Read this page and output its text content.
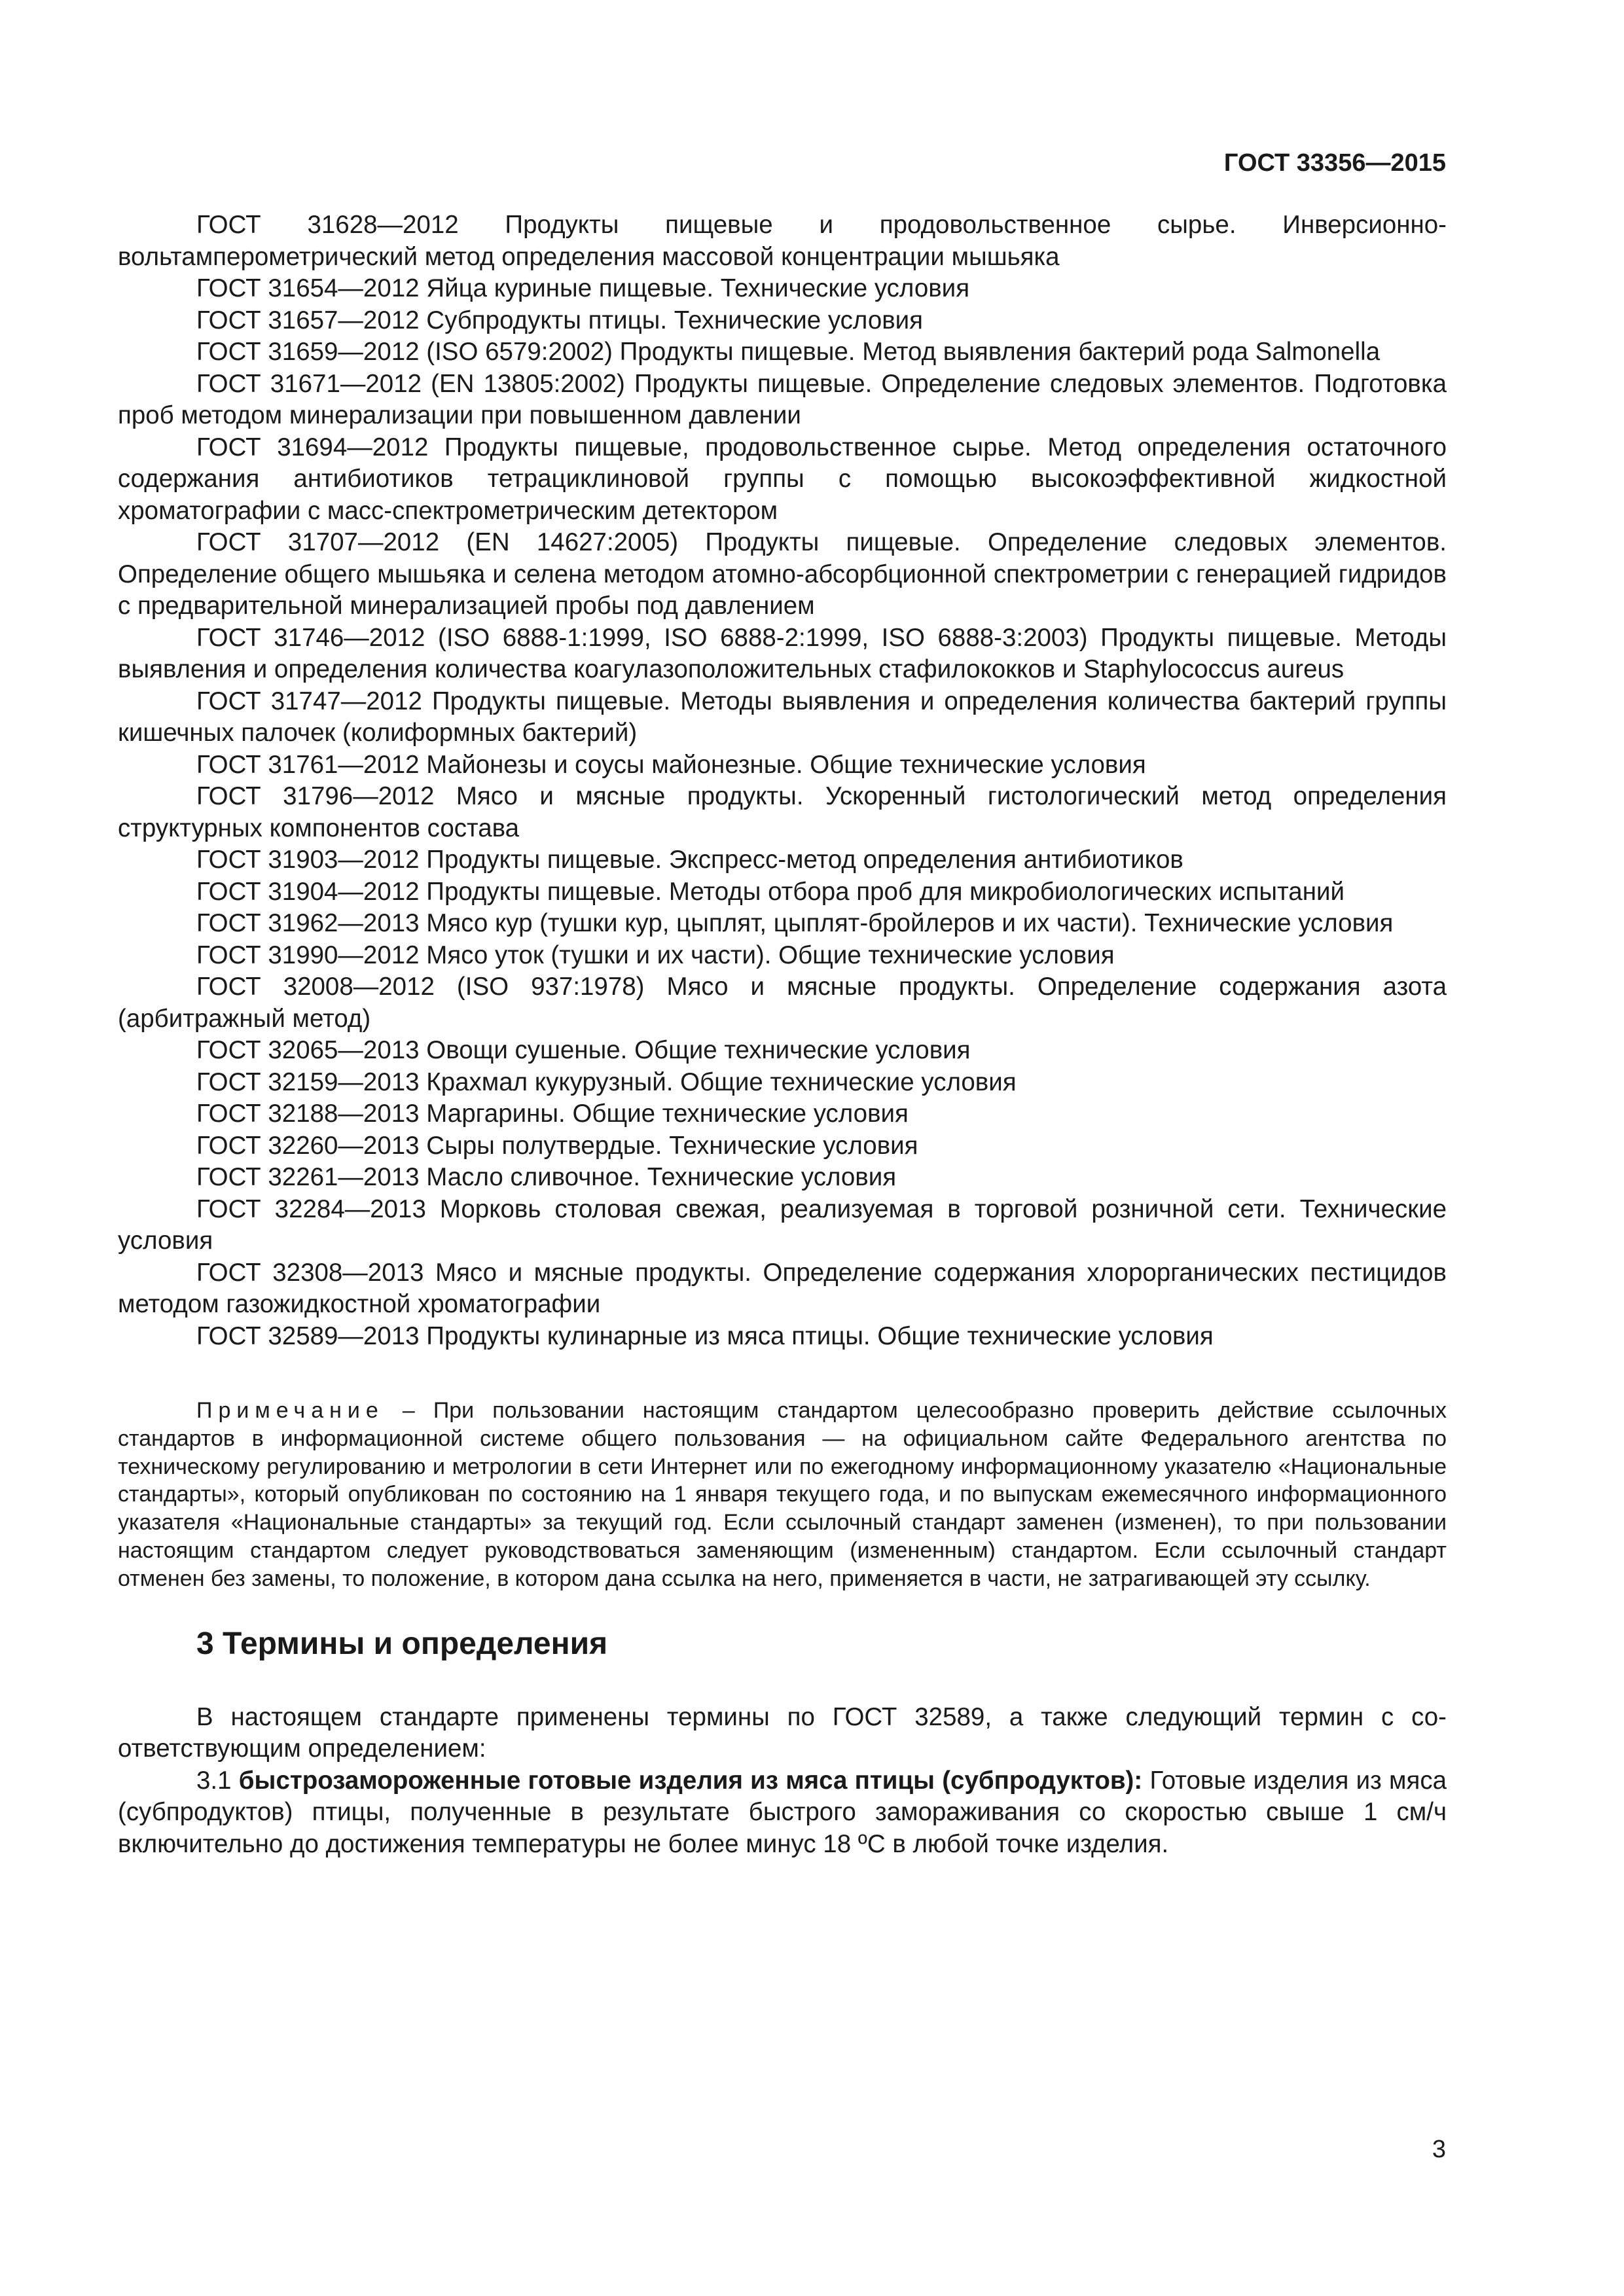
ГОСТ 33356—2015

ГОСТ 31628—2012 Продукты пищевые и продовольственное сырье. Инверсионно-вольтамперометрический метод определения массовой концентрации мышьяка

ГОСТ 31654—2012 Яйца куриные пищевые. Технические условия

ГОСТ 31657—2012 Субпродукты птицы. Технические условия

ГОСТ 31659—2012 (ISO 6579:2002) Продукты пищевые. Метод выявления бактерий рода Salmonella

ГОСТ 31671—2012 (EN 13805:2002) Продукты пищевые. Определение следовых элементов. Подготовка проб методом минерализации при повышенном давлении

ГОСТ 31694—2012 Продукты пищевые, продовольственное сырье. Метод определения остаточного содержания антибиотиков тетрациклиновой группы с помощью высокоэффективной жидкостной хроматографии с масс-спектрометрическим детектором

ГОСТ 31707—2012 (EN 14627:2005) Продукты пищевые. Определение следовых элементов. Определение общего мышьяка и селена методом атомно-абсорбционной спектрометрии с генерацией гидридов с предварительной минерализацией пробы под давлением

ГОСТ 31746—2012 (ISO 6888-1:1999, ISO 6888-2:1999, ISO 6888-3:2003) Продукты пищевые. Методы выявления и определения количества коагулазоположительных стафилококков и Staphylococcus aureus

ГОСТ 31747—2012 Продукты пищевые. Методы выявления и определения количества бактерий группы кишечных палочек (колиформных бактерий)

ГОСТ 31761—2012 Майонезы и соусы майонезные. Общие технические условия

ГОСТ 31796—2012 Мясо и мясные продукты. Ускоренный гистологический метод определения структурных компонентов состава

ГОСТ 31903—2012 Продукты пищевые. Экспресс-метод определения антибиотиков

ГОСТ 31904—2012 Продукты пищевые. Методы отбора проб для микробиологических испытаний

ГОСТ 31962—2013 Мясо кур (тушки кур, цыплят, цыплят-бройлеров и их части). Технические условия

ГОСТ 31990—2012 Мясо уток (тушки и их части). Общие технические условия

ГОСТ 32008—2012 (ISO 937:1978) Мясо и мясные продукты. Определение содержания азота (арбитражный метод)

ГОСТ 32065—2013 Овощи сушеные. Общие технические условия

ГОСТ 32159—2013 Крахмал кукурузный. Общие технические условия

ГОСТ 32188—2013 Маргарины. Общие технические условия

ГОСТ 32260—2013 Сыры полутвердые. Технические условия

ГОСТ 32261—2013 Масло сливочное. Технические условия

ГОСТ 32284—2013 Морковь столовая свежая, реализуемая в торговой розничной сети. Технические условия

ГОСТ 32308—2013 Мясо и мясные продукты. Определение содержания хлорорганических пестицидов методом газожидкостной хроматографии

ГОСТ 32589—2013 Продукты кулинарные из мяса птицы. Общие технические условия

Примечание – При пользовании настоящим стандартом целесообразно проверить действие ссылочных стандартов в информационной системе общего пользования — на официальном сайте Федерального агентства по техническому регулированию и метрологии в сети Интернет или по ежегодному информационному указателю «Национальные стандарты», который опубликован по состоянию на 1 января текущего года, и по выпускам ежемесячного информационного указателя «Национальные стандарты» за текущий год. Если ссылочный стандарт заменен (изменен), то при пользовании настоящим стандартом следует руководствоваться заменяющим (измененным) стандартом. Если ссылочный стандарт отменен без замены, то положение, в котором дана ссылка на него, применяется в части, не затрагивающей эту ссылку.

3 Термины и определения

В настоящем стандарте применены термины по ГОСТ 32589, а также следующий термин с соответствующим определением:

3.1 быстрозамороженные готовые изделия из мяса птицы (субпродуктов): Готовые изделия из мяса (субпродуктов) птицы, полученные в результате быстрого замораживания со скоростью свыше 1 см/ч включительно до достижения температуры не более минус 18 ºC в любой точке изделия.

3
